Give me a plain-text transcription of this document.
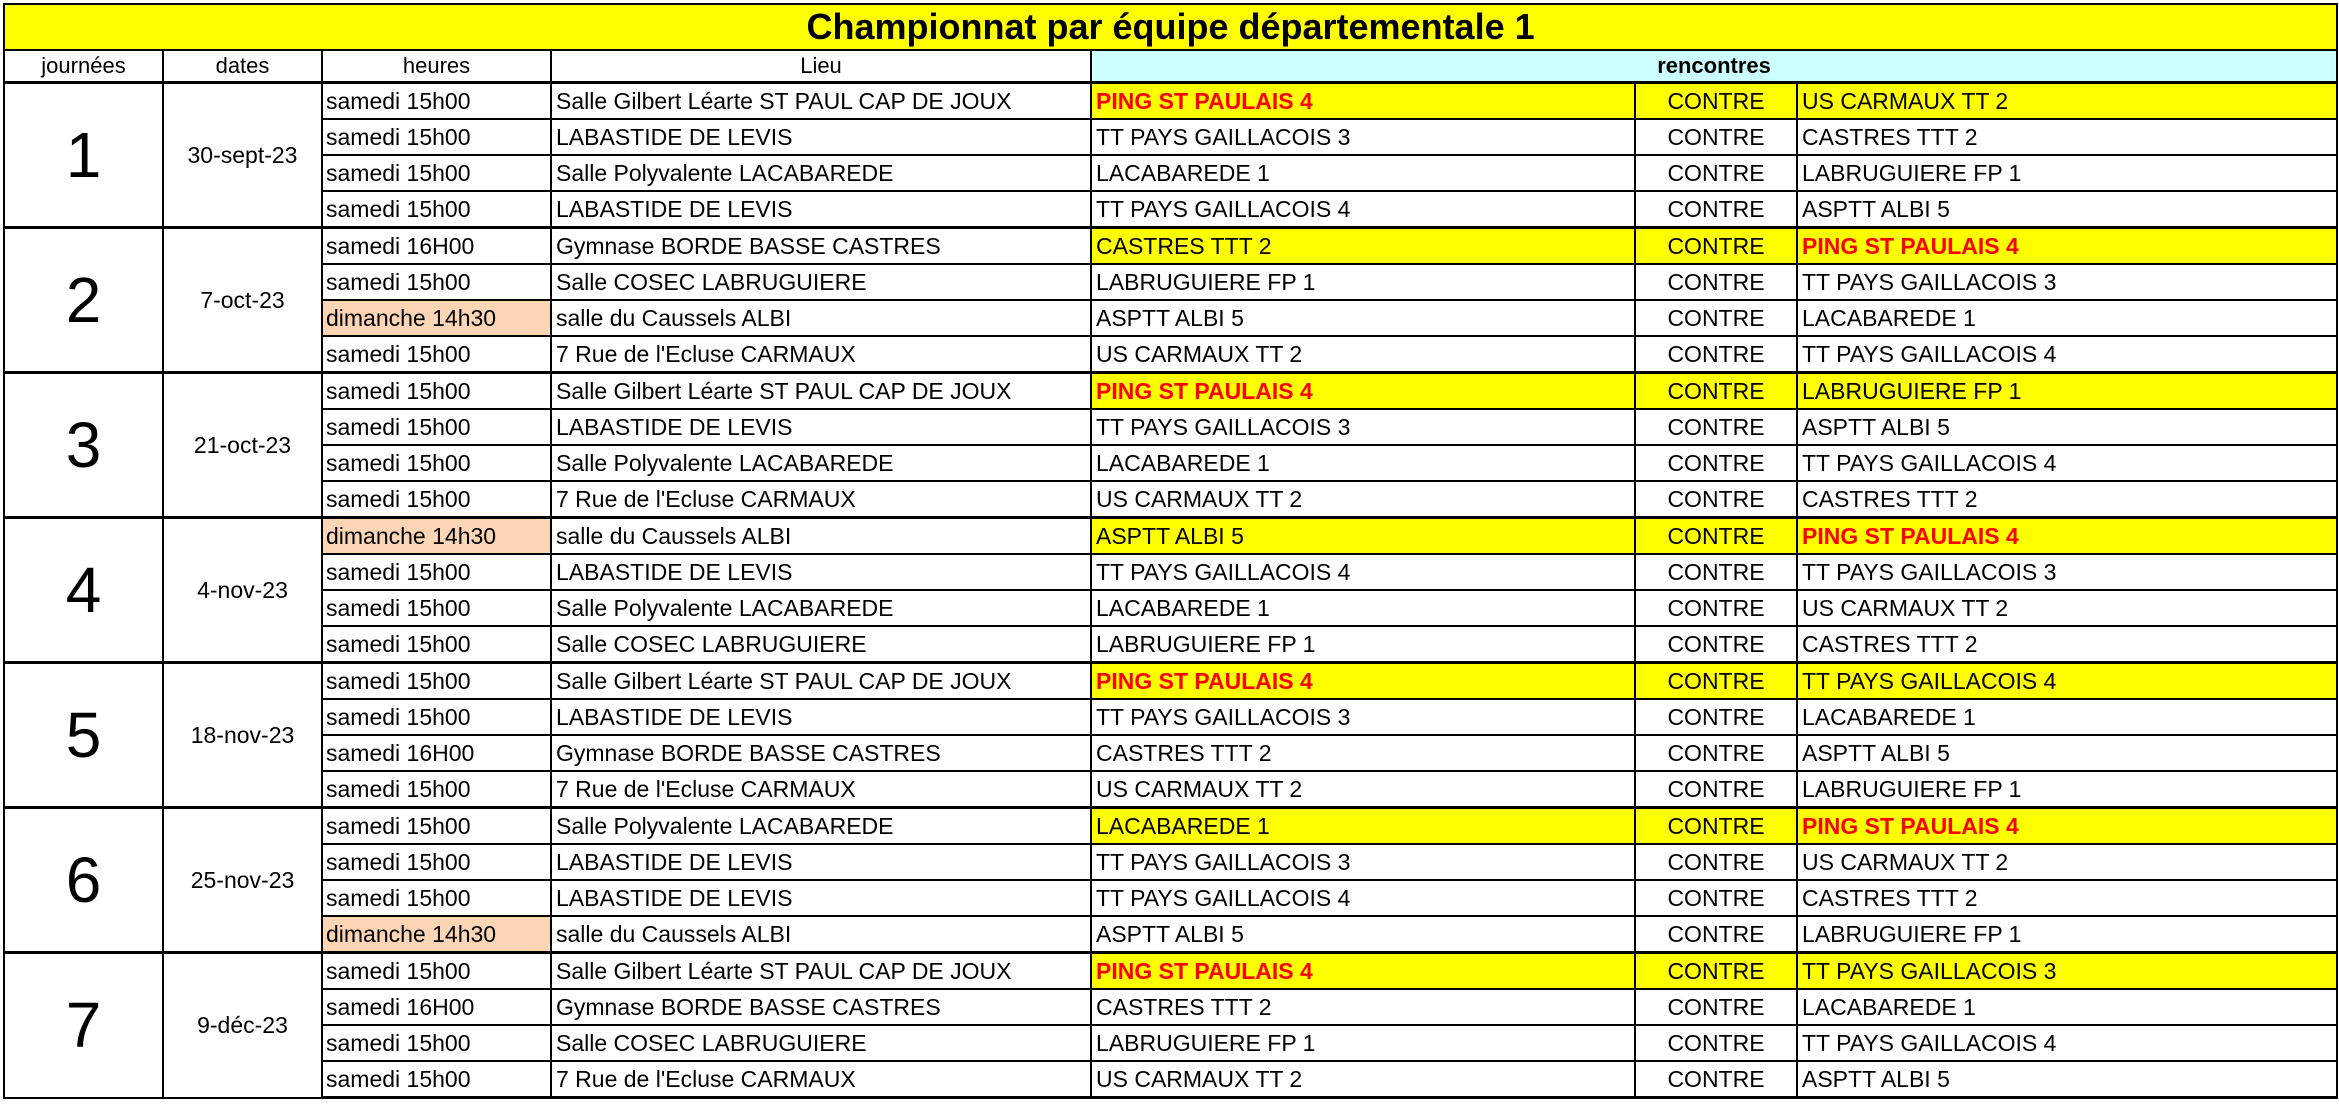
Championnat par équipe départementale 1						
journées	dates	heures	Lieu	rencontres		
1	30-sept-23	samedi 15h00	Salle Gilbert Léarte ST PAUL CAP DE JOUX	PING ST PAULAIS 4	CONTRE	US CARMAUX TT 2
		samedi 15h00	LABASTIDE DE LEVIS	TT PAYS GAILLACOIS 3	CONTRE	CASTRES TTT 2
		samedi 15h00	Salle Polyvalente LACABAREDE	LACABAREDE 1	CONTRE	LABRUGUIERE FP 1
		samedi 15h00	LABASTIDE DE LEVIS	TT PAYS GAILLACOIS 4	CONTRE	ASPTT ALBI 5
2	7-oct-23	samedi 16H00	Gymnase BORDE BASSE CASTRES	CASTRES TTT 2	CONTRE	PING ST PAULAIS 4
		samedi 15h00	Salle COSEC LABRUGUIERE	LABRUGUIERE FP 1	CONTRE	TT PAYS GAILLACOIS 3
		dimanche 14h30	salle du Caussels ALBI	ASPTT ALBI 5	CONTRE	LACABAREDE 1
		samedi 15h00	7 Rue de l'Ecluse CARMAUX	US CARMAUX TT 2	CONTRE	TT PAYS GAILLACOIS 4
3	21-oct-23	samedi 15h00	Salle Gilbert Léarte ST PAUL CAP DE JOUX	PING ST PAULAIS 4	CONTRE	LABRUGUIERE FP 1
		samedi 15h00	LABASTIDE DE LEVIS	TT PAYS GAILLACOIS 3	CONTRE	ASPTT ALBI 5
		samedi 15h00	Salle Polyvalente LACABAREDE	LACABAREDE 1	CONTRE	TT PAYS GAILLACOIS 4
		samedi 15h00	7 Rue de l'Ecluse CARMAUX	US CARMAUX TT 2	CONTRE	CASTRES TTT 2
4	4-nov-23	dimanche 14h30	salle du Caussels ALBI	ASPTT ALBI 5	CONTRE	PING ST PAULAIS 4
		samedi 15h00	LABASTIDE DE LEVIS	TT PAYS GAILLACOIS 4	CONTRE	TT PAYS GAILLACOIS 3
		samedi 15h00	Salle Polyvalente LACABAREDE	LACABAREDE 1	CONTRE	US CARMAUX TT 2
		samedi 15h00	Salle COSEC LABRUGUIERE	LABRUGUIERE FP 1	CONTRE	CASTRES TTT 2
5	18-nov-23	samedi 15h00	Salle Gilbert Léarte ST PAUL CAP DE JOUX	PING ST PAULAIS 4	CONTRE	TT PAYS GAILLACOIS 4
		samedi 15h00	LABASTIDE DE LEVIS	TT PAYS GAILLACOIS 3	CONTRE	LACABAREDE 1
		samedi 16H00	Gymnase BORDE BASSE CASTRES	CASTRES TTT 2	CONTRE	ASPTT ALBI 5
		samedi 15h00	7 Rue de l'Ecluse CARMAUX	US CARMAUX TT 2	CONTRE	LABRUGUIERE FP 1
6	25-nov-23	samedi 15h00	Salle Polyvalente LACABAREDE	LACABAREDE 1	CONTRE	PING ST PAULAIS 4
		samedi 15h00	LABASTIDE DE LEVIS	TT PAYS GAILLACOIS 3	CONTRE	US CARMAUX TT 2
		samedi 15h00	LABASTIDE DE LEVIS	TT PAYS GAILLACOIS 4	CONTRE	CASTRES TTT 2
		dimanche 14h30	salle du Caussels ALBI	ASPTT ALBI 5	CONTRE	LABRUGUIERE FP 1
7	9-déc-23	samedi 15h00	Salle Gilbert Léarte ST PAUL CAP DE JOUX	PING ST PAULAIS 4	CONTRE	TT PAYS GAILLACOIS 3
		samedi 16H00	Gymnase BORDE BASSE CASTRES	CASTRES TTT 2	CONTRE	LACABAREDE 1
		samedi 15h00	Salle COSEC LABRUGUIERE	LABRUGUIERE FP 1	CONTRE	TT PAYS GAILLACOIS 4
		samedi 15h00	7 Rue de l'Ecluse CARMAUX	US CARMAUX TT 2	CONTRE	ASPTT ALBI 5
